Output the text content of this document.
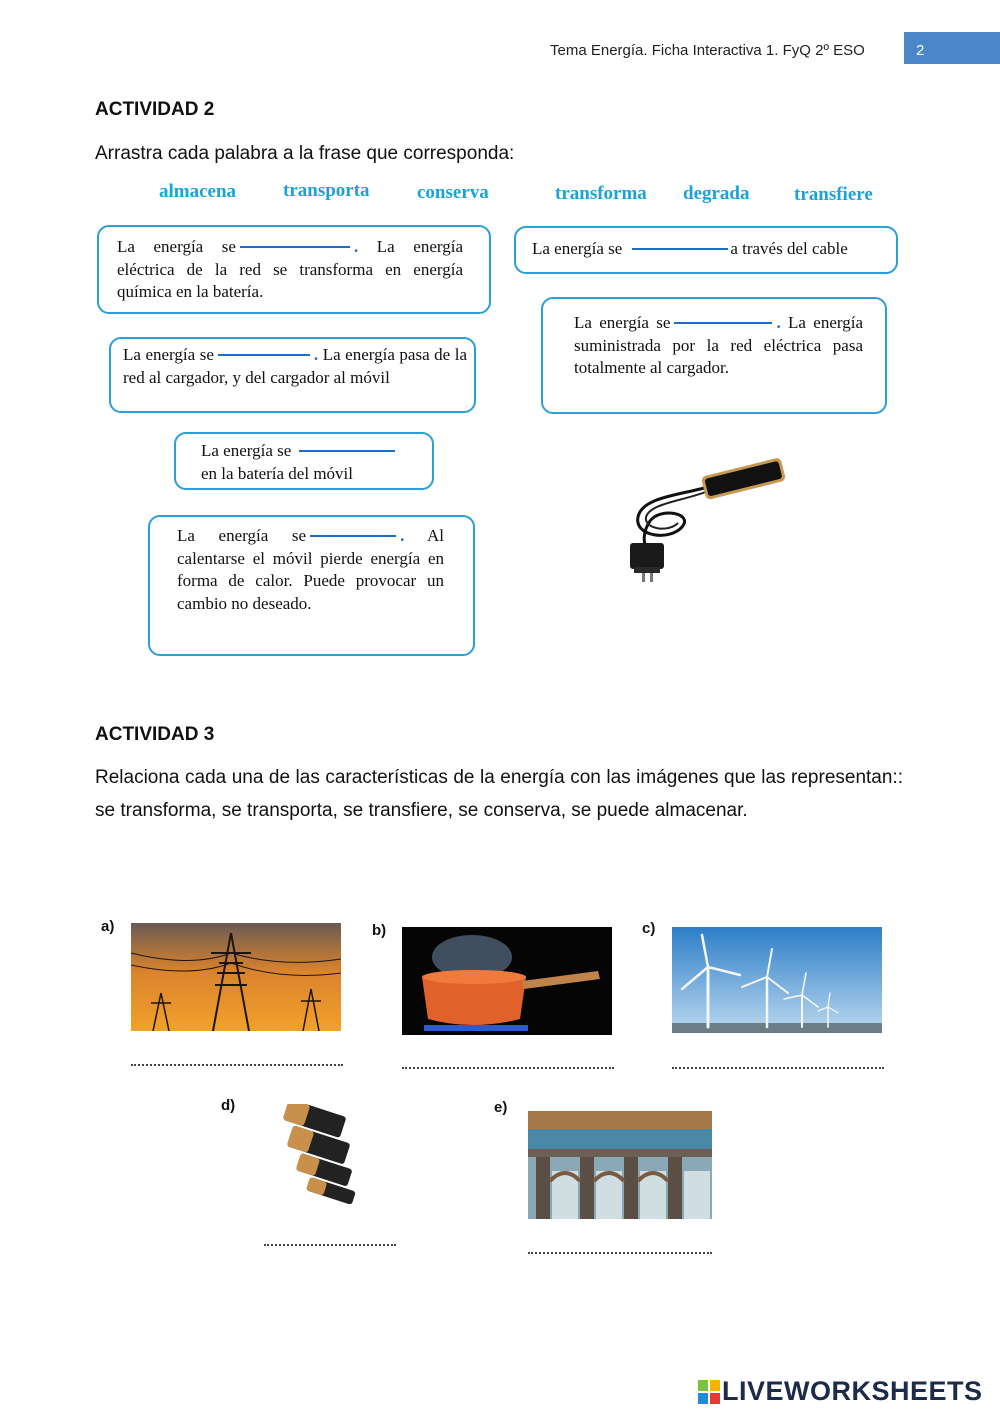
Tema Energía. Ficha Interactiva 1. FyQ 2º ESO	2
ACTIVIDAD 2
Arrastra cada palabra a la frase que corresponda:
almacena transporta conserva	transforma degrada transfiere
La energía se	. La energía eléctrica de la red se transforma en energía química en la batería.
La energía se	a través del cable
La energía se	. La energía suministrada por la red eléctrica pasa totalmente al cargador.
La energía se	. La energía pasa de la red al cargador, y del cargador al móvil
La energía se
en la batería del móvil
La energía se	. Al calentarse el móvil pierde energía en forma de calor. Puede provocar un cambio no deseado.
ACTIVIDAD 3
Relaciona cada una de las características de la energía con las imágenes que las representan:: se transforma, se transporta, se transfiere, se conserva, se puede almacenar.
a)	b)	c)
d)	e)
LIVEWORKSHEETS
